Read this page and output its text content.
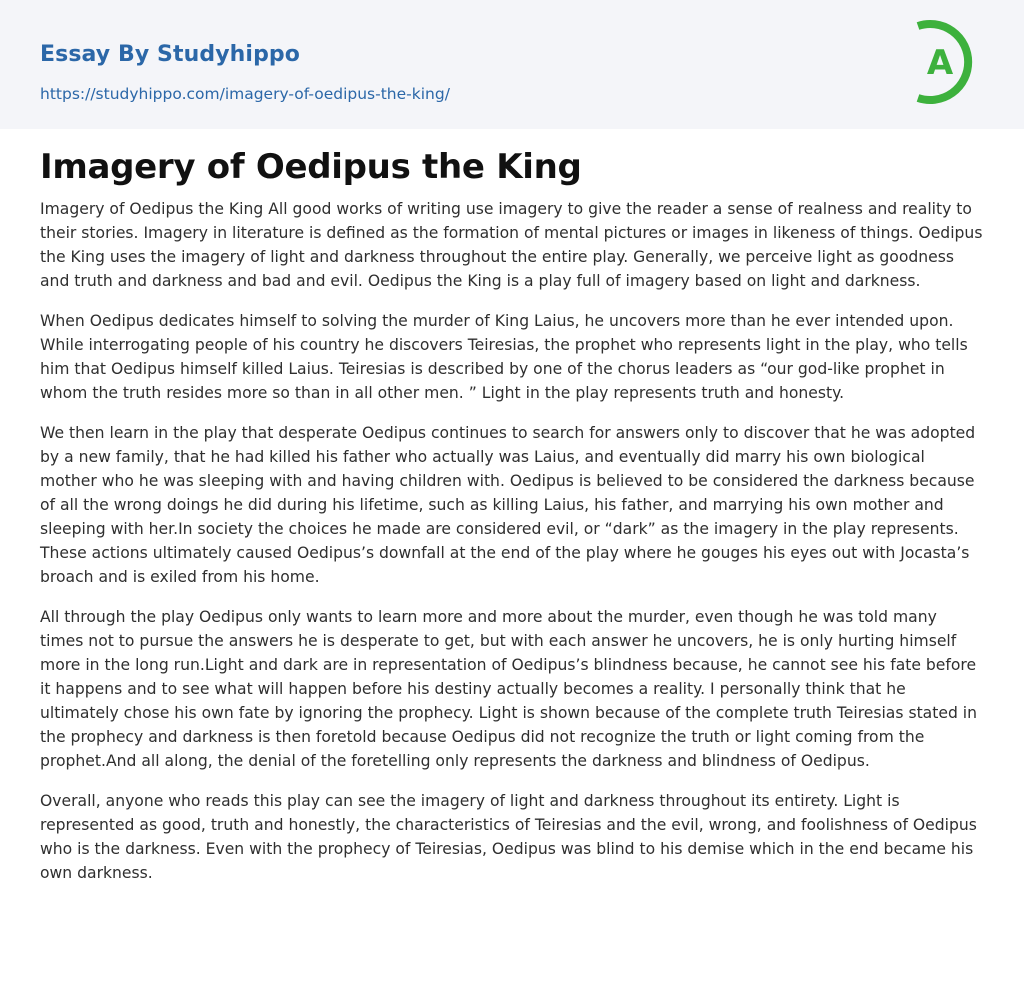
Essay By Studyhippo
https://studyhippo.com/imagery-of-oedipus-the-king/
A
Imagery of Oedipus the King

Imagery of Oedipus the King All good works of writing use imagery to give the reader a sense of realness and reality to their stories. Imagery in literature is defined as the formation of mental pictures or images in likeness of things. Oedipus the King uses the imagery of light and darkness throughout the entire play. Generally, we perceive light as goodness and truth and darkness and bad and evil. Oedipus the King is a play full of imagery based on light and darkness.

When Oedipus dedicates himself to solving the murder of King Laius, he uncovers more than he ever intended upon. While interrogating people of his country he discovers Teiresias, the prophet who represents light in the play, who tells him that Oedipus himself killed Laius. Teiresias is described by one of the chorus leaders as “our god-like prophet in whom the truth resides more so than in all other men. ” Light in the play represents truth and honesty.

We then learn in the play that desperate Oedipus continues to search for answers only to discover that he was adopted by a new family, that he had killed his father who actually was Laius, and eventually did marry his own biological mother who he was sleeping with and having children with. Oedipus is believed to be considered the darkness because of all the wrong doings he did during his lifetime, such as killing Laius, his father, and marrying his own mother and sleeping with her.In society the choices he made are considered evil, or “dark” as the imagery in the play represents. These actions ultimately caused Oedipus’s downfall at the end of the play where he gouges his eyes out with Jocasta’s broach and is exiled from his home.

All through the play Oedipus only wants to learn more and more about the murder, even though he was told many times not to pursue the answers he is desperate to get, but with each answer he uncovers, he is only hurting himself more in the long run.Light and dark are in representation of Oedipus’s blindness because, he cannot see his fate before it happens and to see what will happen before his destiny actually becomes a reality. I personally think that he ultimately chose his own fate by ignoring the prophecy. Light is shown because of the complete truth Teiresias stated in the prophecy and darkness is then foretold because Oedipus did not recognize the truth or light coming from the prophet.And all along, the denial of the foretelling only represents the darkness and blindness of Oedipus.

Overall, anyone who reads this play can see the imagery of light and darkness throughout its entirety. Light is represented as good, truth and honestly, the characteristics of Teiresias and the evil, wrong, and foolishness of Oedipus who is the darkness. Even with the prophecy of Teiresias, Oedipus was blind to his demise which in the end became his own darkness.
